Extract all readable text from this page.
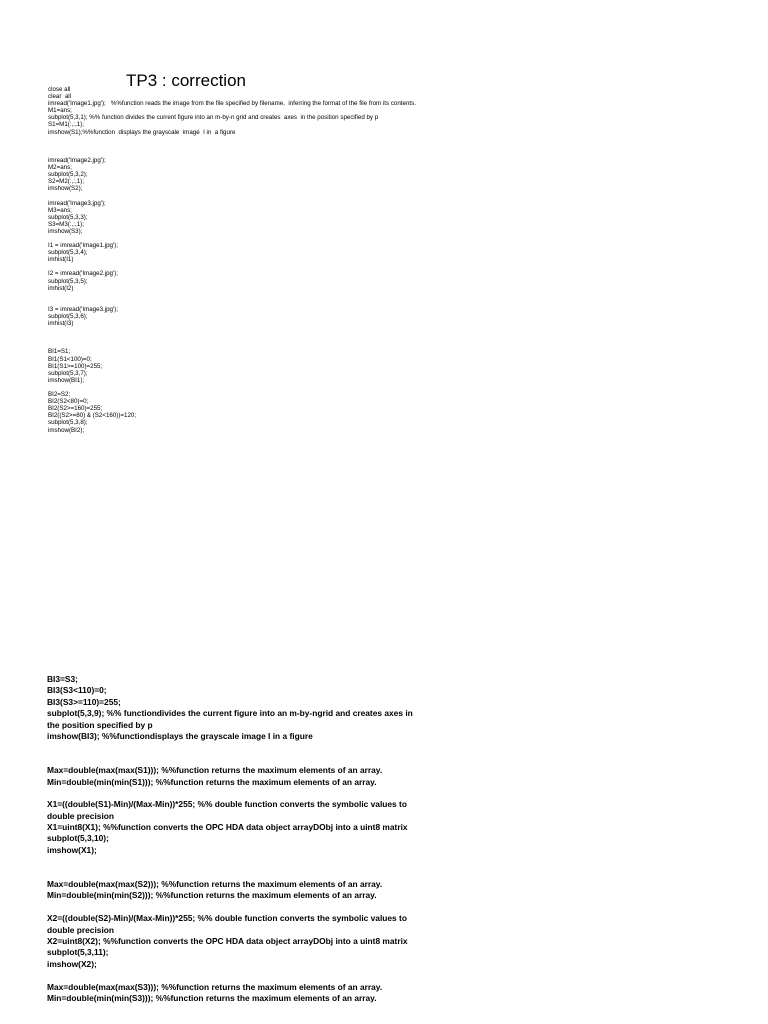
TP3 : correction
close all
clear  all
imread('Image1.jpg');   %%function reads the image from the file specified by filename,  inferring the format of the file from its contents.
M1=ans;
subplot(5,3,1); %% function divides the current figure into an m-by-n grid and creates  axes  in the position specified by p
S1=M1(:,:,1);
imshow(S1);%%function  displays the grayscale  image  I in  a figure
imread('Image2.jpg');
M2=ans;
subplot(5,3,2);
S2=M2(:,:,1);
imshow(S2);
imread('Image3.jpg');
M3=ans;
subplot(5,3,3);
S3=M3(:,:,1);
imshow(S3);
I1 = imread('Image1.jpg');
subplot(5,3,4);
imhist(I1)
I2 = imread('Image2.jpg');
subplot(5,3,5);
imhist(I2)
I3 = imread('Image3.jpg');
subplot(5,3,6);
imhist(I3)
BI1=S1;
BI1(S1<100)=0;
BI1(S1>=100)=255;
subplot(5,3,7);
imshow(BI1);
BI2=S2;
BI2(S2<80)=0;
BI2(S2>=160)=255;
BI2((S2>=80) & (S2<160))=120;
subplot(5,3,8);
imshow(BI2);
BI3=S3;
BI3(S3<110)=0;
BI3(S3>=110)=255;
subplot(5,3,9); %% functiondivides the current figure into an m-by-ngrid and creates axes in
the position specified by p
imshow(BI3); %%functiondisplays the grayscale image I in a figure
Max=double(max(max(S1))); %%function returns the maximum elements of an array.
Min=double(min(min(S1))); %%function returns the maximum elements of an array.
X1=((double(S1)-Min)/(Max-Min))*255; %% double function converts the symbolic values to
double precision
X1=uint8(X1); %%function converts the OPC HDA data object arrayDObj into a uint8 matrix
subplot(5,3,10);
imshow(X1);
Max=double(max(max(S2))); %%function returns the maximum elements of an array.
Min=double(min(min(S2))); %%function returns the maximum elements of an array.
X2=((double(S2)-Min)/(Max-Min))*255; %% double function converts the symbolic values to
double precision
X2=uint8(X2); %%function converts the OPC HDA data object arrayDObj into a uint8 matrix
subplot(5,3,11);
imshow(X2);
Max=double(max(max(S3))); %%function returns the maximum elements of an array.
Min=double(min(min(S3))); %%function returns the maximum elements of an array.
